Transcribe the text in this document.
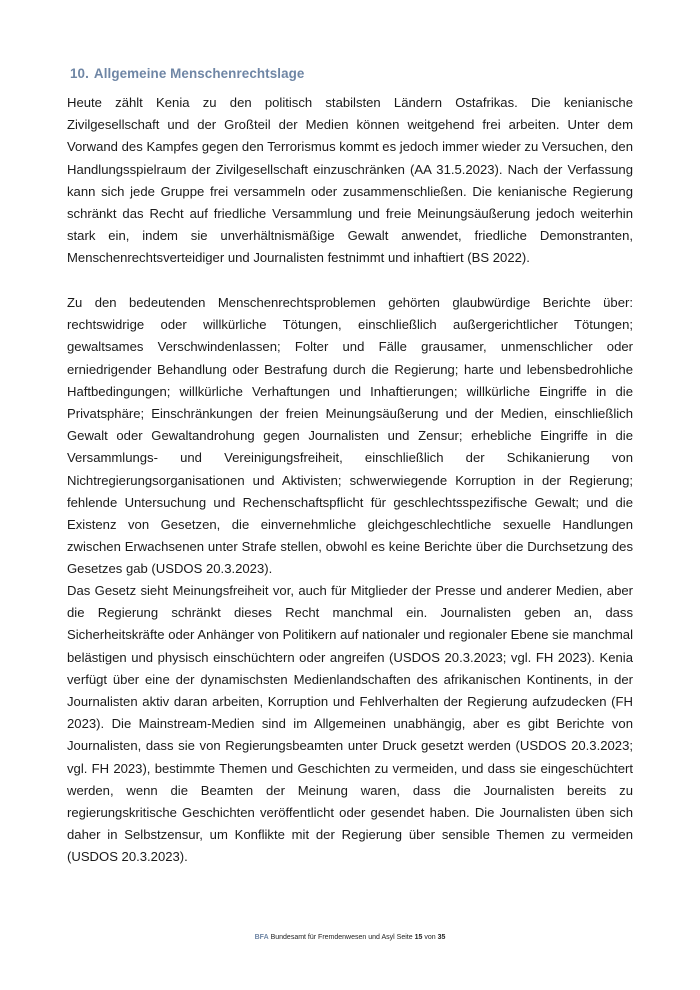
10. Allgemeine Menschenrechtslage

Heute zählt Kenia zu den politisch stabilsten Ländern Ostafrikas. Die kenianische Zivilgesellschaft und der Großteil der Medien können weitgehend frei arbeiten. Unter dem Vorwand des Kampfes gegen den Terrorismus kommt es jedoch immer wieder zu Versuchen, den Handlungsspielraum der Zivilgesellschaft einzuschränken (AA 31.5.2023). Nach der Verfassung kann sich jede Gruppe frei versammeln oder zusammenschließen. Die kenianische Regierung schränkt das Recht auf friedliche Versammlung und freie Meinungsäußerung jedoch weiterhin stark ein, indem sie unverhältnismäßige Gewalt anwendet, friedliche Demonstranten, Menschenrechtsverteidiger und Journalisten festnimmt und inhaftiert (BS 2022).

Zu den bedeutenden Menschenrechtsproblemen gehörten glaubwürdige Berichte über: rechtswidrige oder willkürliche Tötungen, einschließlich außergerichtlicher Tötungen; gewaltsames Verschwindenlassen; Folter und Fälle grausamer, unmenschlicher oder erniedrigender Behandlung oder Bestrafung durch die Regierung; harte und lebensbedrohliche Haftbedingungen; willkürliche Verhaftungen und Inhaftierungen; willkürliche Eingriffe in die Privatsphäre; Einschränkungen der freien Meinungsäußerung und der Medien, einschließlich Gewalt oder Gewaltandrohung gegen Journalisten und Zensur; erhebliche Eingriffe in die Versammlungs- und Vereinigungsfreiheit, einschließlich der Schikanierung von Nichtregierungsorganisationen und Aktivisten; schwerwiegende Korruption in der Regierung; fehlende Untersuchung und Rechenschaftspflicht für geschlechtsspezifische Gewalt; und die Existenz von Gesetzen, die einvernehmliche gleichgeschlechtliche sexuelle Handlungen zwischen Erwachsenen unter Strafe stellen, obwohl es keine Berichte über die Durchsetzung des Gesetzes gab (USDOS 20.3.2023).

Das Gesetz sieht Meinungsfreiheit vor, auch für Mitglieder der Presse und anderer Medien, aber die Regierung schränkt dieses Recht manchmal ein. Journalisten geben an, dass Sicherheitskräfte oder Anhänger von Politikern auf nationaler und regionaler Ebene sie manchmal belästigen und physisch einschüchtern oder angreifen (USDOS 20.3.2023; vgl. FH 2023). Kenia verfügt über eine der dynamischsten Medienlandschaften des afrikanischen Kontinents, in der Journalisten aktiv daran arbeiten, Korruption und Fehlverhalten der Regierung aufzudecken (FH 2023). Die Mainstream-Medien sind im Allgemeinen unabhängig, aber es gibt Berichte von Journalisten, dass sie von Regierungsbeamten unter Druck gesetzt werden (USDOS 20.3.2023; vgl. FH 2023), bestimmte Themen und Geschichten zu vermeiden, und dass sie eingeschüchtert werden, wenn die Beamten der Meinung waren, dass die Journalisten bereits zu regierungskritische Geschichten veröffentlicht oder gesendet haben. Die Journalisten üben sich daher in Selbstzensur, um Konflikte mit der Regierung über sensible Themen zu vermeiden (USDOS 20.3.2023).

BFA Bundesamt für Fremdenwesen und Asyl Seite 15 von 35
